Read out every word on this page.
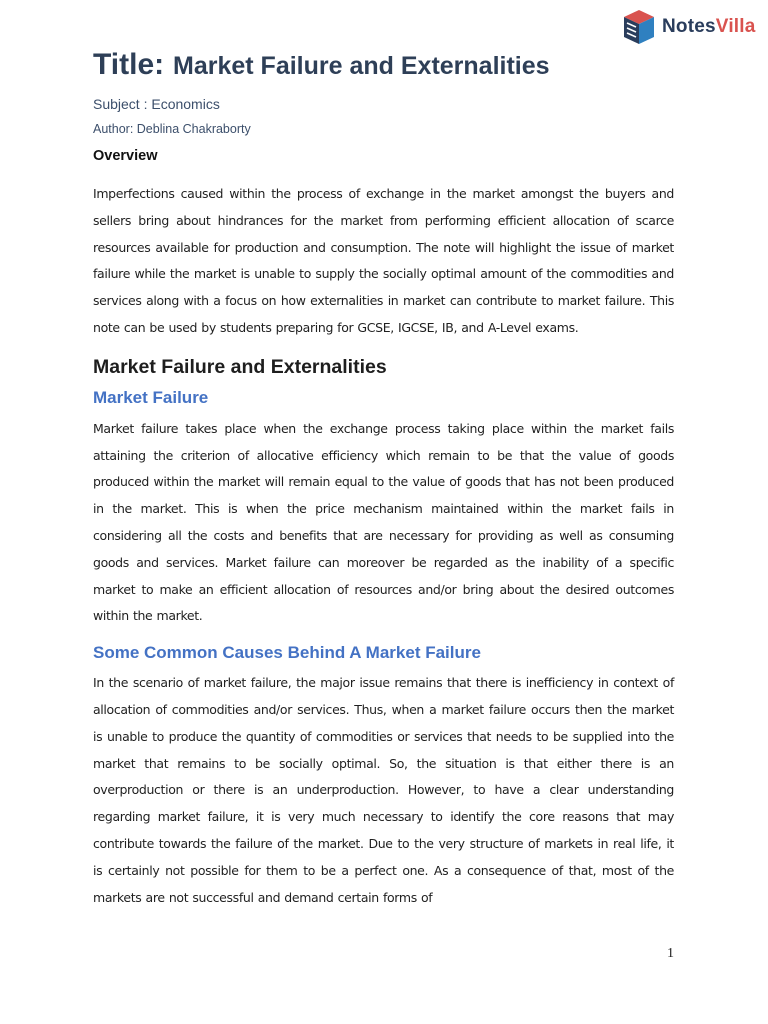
NotesVilla
Title: Market Failure and Externalities
Subject : Economics
Author: Deblina Chakraborty
Overview

Imperfections caused within the process of exchange in the market amongst the buyers and sellers bring about hindrances for the market from performing efficient allocation of scarce resources available for production and consumption. The note will highlight the issue of market failure while the market is unable to supply the socially optimal amount of the commodities and services along with a focus on how externalities in market can contribute to market failure. This note can be used by students preparing for GCSE, IGCSE, IB, and A-Level exams.

Market Failure and Externalities
Market Failure

Market failure takes place when the exchange process taking place within the market fails attaining the criterion of allocative efficiency which remain to be that the value of goods produced within the market will remain equal to the value of goods that has not been produced in the market. This is when the price mechanism maintained within the market fails in considering all the costs and benefits that are necessary for providing as well as consuming goods and services. Market failure can moreover be regarded as the inability of a specific market to make an efficient allocation of resources and/or bring about the desired outcomes within the market.

Some Common Causes Behind A Market Failure

In the scenario of market failure, the major issue remains that there is inefficiency in context of allocation of commodities and/or services. Thus, when a market failure occurs then the market is unable to produce the quantity of commodities or services that needs to be supplied into the market that remains to be socially optimal. So, the situation is that either there is an overproduction or there is an underproduction. However, to have a clear understanding regarding market failure, it is very much necessary to identify the core reasons that may contribute towards the failure of the market. Due to the very structure of markets in real life, it is certainly not possible for them to be a perfect one. As a consequence of that, most of the markets are not successful and demand certain forms of

1
